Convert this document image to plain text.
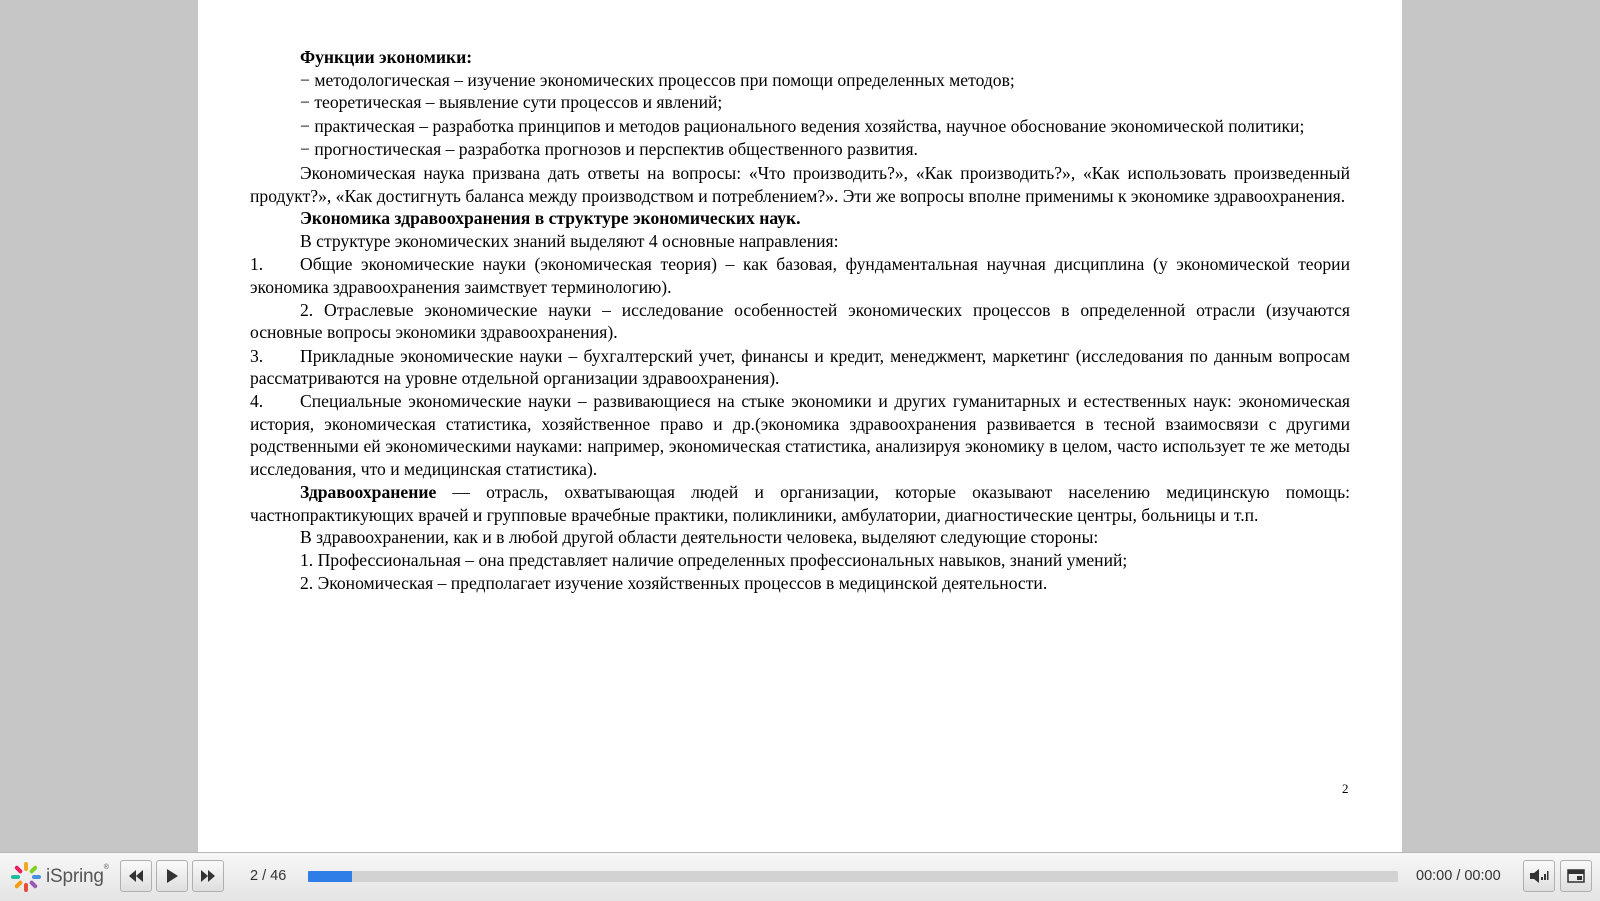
Функции экономики:

− методологическая – изучение экономических процессов при помощи определенных методов;

− теоретическая – выявление сути процессов и явлений;

− практическая – разработка принципов и методов рационального ведения хозяйства, научное обоснование экономической политики;

− прогностическая – разработка прогнозов и перспектив общественного развития.

Экономическая наука призвана дать ответы на вопросы: «Что производить?», «Как производить?», «Как использовать произведенный продукт?», «Как достигнуть баланса между производством и потреблением?». Эти же вопросы вполне применимы к экономике здравоохранения.

Экономика здравоохранения в структуре экономических наук.

В структуре экономических знаний выделяют 4 основные направления:

1. Общие экономические науки (экономическая теория) – как базовая, фундаментальная научная дисциплина (у экономической теории экономика здравоохранения заимствует терминологию).

2. Отраслевые экономические науки – исследование особенностей экономических процессов в определенной отрасли (изучаются основные вопросы экономики здравоохранения).

3. Прикладные экономические науки – бухгалтерский учет, финансы и кредит, менеджмент, маркетинг (исследования по данным вопросам рассматриваются на уровне отдельной организации здравоохранения).

4. Специальные экономические науки – развивающиеся на стыке экономики и других гуманитарных и естественных наук: экономическая история, экономическая статистика, хозяйственное право и др.(экономика здравоохранения развивается в тесной взаимосвязи с другими родственными ей экономическими науками: например, экономическая статистика, анализируя экономику в целом, часто использует те же методы исследования, что и медицинская статистика).

Здравоохранение — отрасль, охватывающая людей и организации, которые оказывают населению медицинскую помощь: частнопрактикующих врачей и групповые врачебные практики, поликлиники, амбулатории, диагностические центры, больницы и т.п.

В здравоохранении, как и в любой другой области деятельности человека, выделяют следующие стороны:

1. Профессиональная – она представляет наличие определенных профессиональных навыков, знаний умений;

2. Экономическая – предполагает изучение хозяйственных процессов в медицинской деятельности.

2
iSpring®
2 / 46	00:00 / 00:00
